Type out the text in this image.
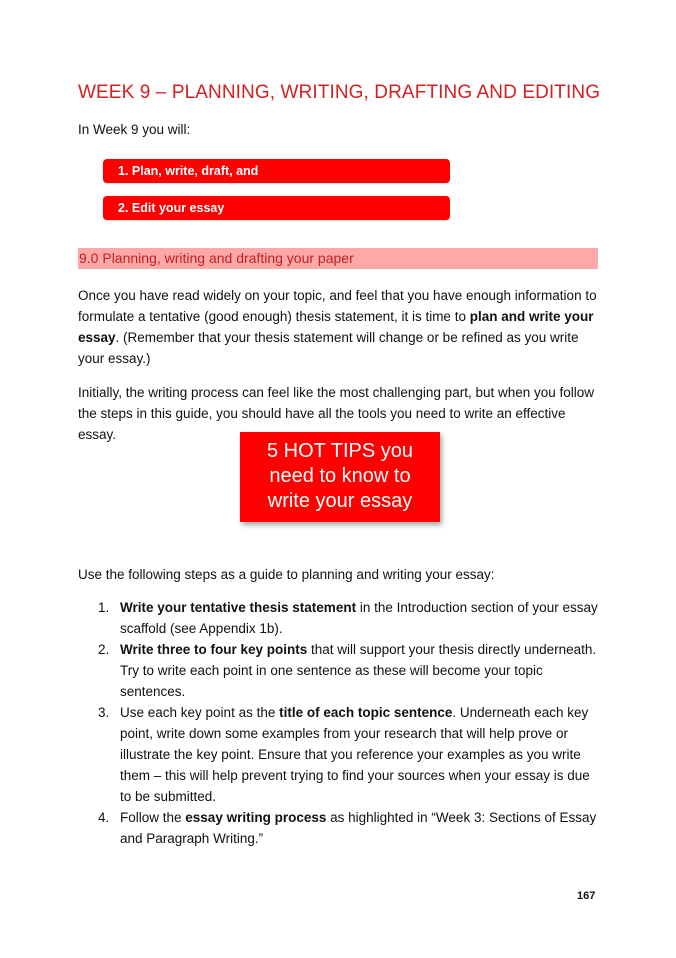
WEEK 9 – PLANNING, WRITING, DRAFTING AND EDITING
In Week 9 you will:
1. Plan, write, draft, and
2. Edit your essay
9.0 Planning, writing and drafting your paper

Once you have read widely on your topic, and feel that you have enough information to formulate a tentative (good enough) thesis statement, it is time to plan and write your essay. (Remember that your thesis statement will change or be refined as you write your essay.)

Initially, the writing process can feel like the most challenging part, but when you follow the steps in this guide, you should have all the tools you need to write an effective essay.

5 HOT TIPS you
need to know to
write your essay

Use the following steps as a guide to planning and writing your essay:

1. Write your tentative thesis statement in the Introduction section of your essay scaffold (see Appendix 1b).
2. Write three to four key points that will support your thesis directly underneath. Try to write each point in one sentence as these will become your topic sentences.
3. Use each key point as the title of each topic sentence. Underneath each key point, write down some examples from your research that will help prove or illustrate the key point. Ensure that you reference your examples as you write them – this will help prevent trying to find your sources when your essay is due to be submitted.
4. Follow the essay writing process as highlighted in “Week 3: Sections of Essay and Paragraph Writing.”
167
